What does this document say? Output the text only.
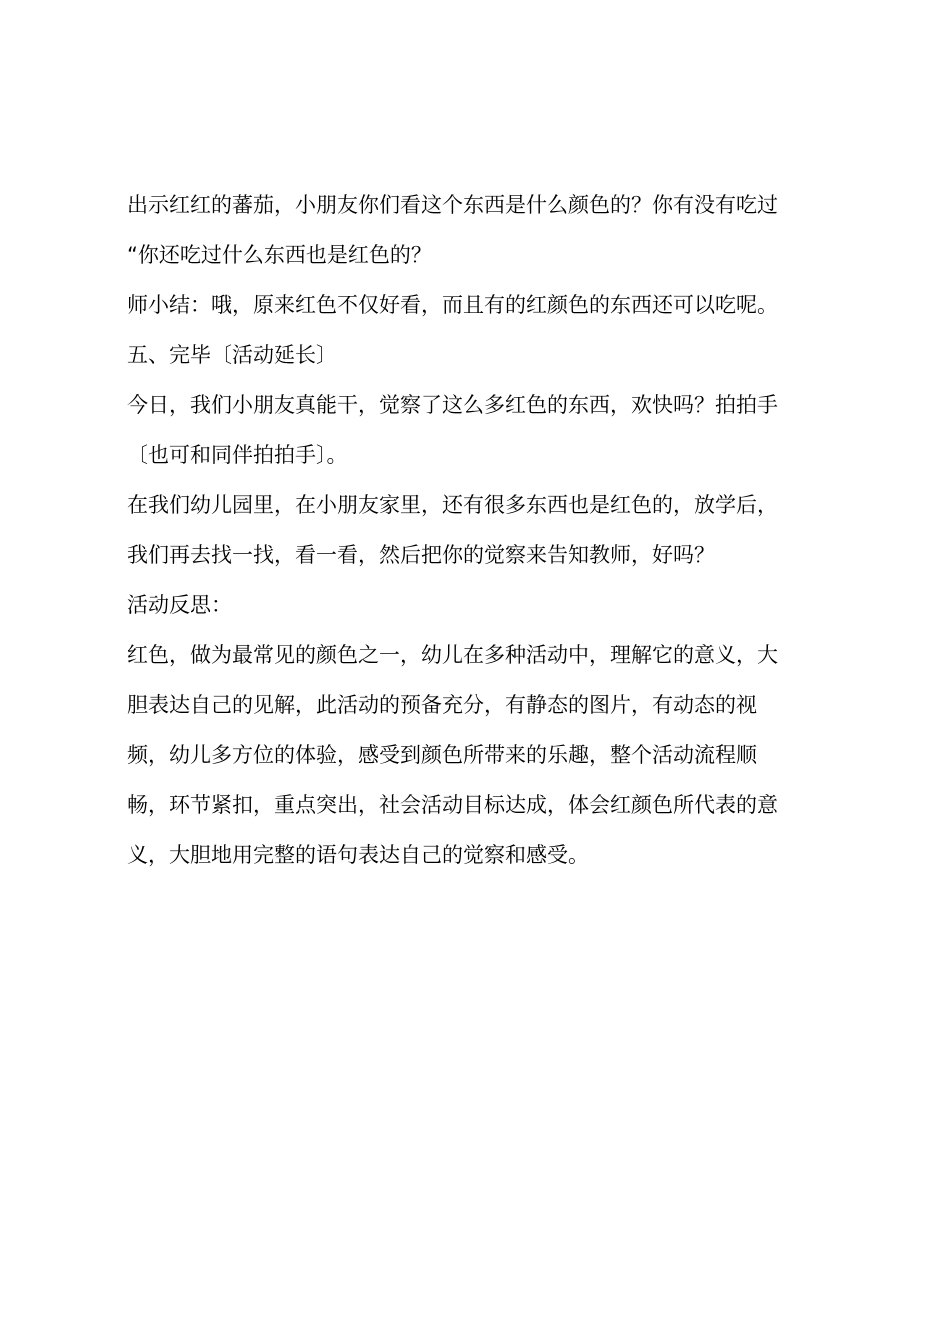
出示红红的蕃茄，小朋友你们看这个东西是什么颜色的？你有没有吃过
“你还吃过什么东西也是红色的？
师小结：哦，原来红色不仅好看，而且有的红颜色的东西还可以吃呢。
五、完毕〔活动延长〕
今日，我们小朋友真能干，觉察了这么多红色的东西，欢快吗？拍拍手
〔也可和同伴拍拍手〕。
在我们幼儿园里，在小朋友家里，还有很多东西也是红色的，放学后，
我们再去找一找，看一看，然后把你的觉察来告知教师，好吗？
活动反思：
红色，做为最常见的颜色之一，幼儿在多种活动中，理解它的意义，大
胆表达自己的见解，此活动的预备充分，有静态的图片，有动态的视
频，幼儿多方位的体验，感受到颜色所带来的乐趣，整个活动流程顺
畅，环节紧扣，重点突出，社会活动目标达成，体会红颜色所代表的意
义，大胆地用完整的语句表达自己的觉察和感受。
